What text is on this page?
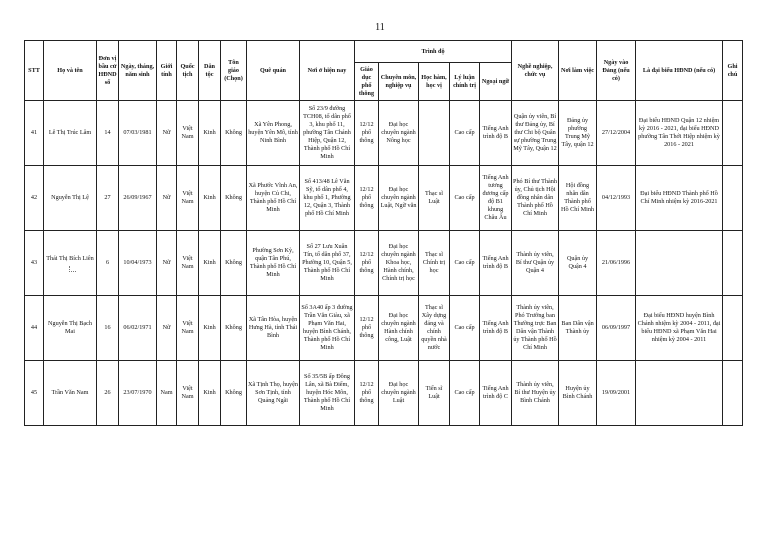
11
STT	Họ và tên	Đơn vị bầu cử HĐND số	Ngày, tháng, năm sinh	Giới tính	Quốc tịch	Dân tộc	Tôn giáo (Chọn)	Quê quán	Nơi ở hiện nay	Trình độ					Nghề nghiệp, chức vụ	Nơi làm việc	Ngày vào Đảng (nếu có)	Là đại biểu HĐND (nếu có)	Ghi chú
										Giáo dục phổ thông	Chuyên môn, nghiệp vụ	Học hàm, học vị	Lý luận chính trị	Ngoại ngữ					
41	Lê Thị Trúc Lâm	14	07/03/1981	Nữ	Việt Nam	Kinh	Không	Xã Yên Phong, huyện Yên Mô, tỉnh Ninh Bình	Số 23/9 đường TCH08, tổ dân phố 3, khu phố 11, phường Tân Chánh Hiệp, Quận 12, Thành phố Hồ Chí Minh	12/12 phổ thông	Đại học chuyên ngành Nông học		Cao cấp	Tiếng Anh trình độ B	Quận ủy viên, Bí thư Đảng ủy, Bí thư Chi bộ Quân sự phường Trung Mỹ Tây, Quận 12	Đảng ủy phường Trung Mỹ Tây, quận 12	27/12/2004	Đại biểu HĐND Quận 12 nhiệm kỳ 2016 - 2021, đại biểu HĐND phường Tân Thới Hiệp nhiệm kỳ 2016 - 2021	
42	Nguyễn Thị Lệ	27	26/09/1967	Nữ	Việt Nam	Kinh	Không	Xã Phước Vĩnh An, huyện Củ Chi, Thành phố Hồ Chí Minh	Số 413/48 Lê Văn Sỹ, tổ dân phố 4, khu phố 1, Phường 12, Quận 3, Thành phố Hồ Chí Minh	12/12 phổ thông	Đại học chuyên ngành Luật, Ngữ văn	Thạc sĩ Luật	Cao cấp	Tiếng Anh tương đương cấp độ B1 khung Châu Âu	Phó Bí thư Thành ủy, Chủ tịch Hội đồng nhân dân Thành phố Hồ Chí Minh	Hội đồng nhân dân Thành phố Hồ Chí Minh	04/12/1993	Đại biểu HĐND Thành phố Hồ Chí Minh nhiệm kỳ 2016-2021	
43	Thái Thị Bích Liên	6	10/04/1973	Nữ	Việt Nam	Kinh	Không	Phường Sơn Kỳ, quận Tân Phú, Thành phố Hồ Chí Minh	Số 27 Lưu Xuân Tín, tổ dân phố 37, Phường 10, Quận 5, Thành phố Hồ Chí Minh	12/12 phổ thông	Đại học chuyên ngành Khoa học, Hành chính, Chính trị học	Thạc sĩ Chính trị học	Cao cấp	Tiếng Anh trình độ B	Thành ủy viên, Bí thư Quận ủy Quận 4	Quận ủy Quận 4	21/06/1996		
44	Nguyễn Thị Bạch Mai	16	06/02/1971	Nữ	Việt Nam	Kinh	Không	Xã Tân Hòa, huyện Hưng Hà, tỉnh Thái Bình	Số 3A40 ấp 3 đường Trần Văn Giàu, xã Phạm Văn Hai, huyện Bình Chánh, Thành phố Hồ Chí Minh	12/12 phổ thông	Đại học chuyên ngành Hành chính công, Luật	Thạc sĩ Xây dựng đảng và chính quyền nhà nước	Cao cấp	Tiếng Anh trình độ B	Thành ủy viên, Phó Trưởng ban Thường trực Ban Dân vận Thành ủy Thành phố Hồ Chí Minh	Ban Dân vận Thành ủy	06/09/1997	Đại biểu HĐND huyện Bình Chánh nhiệm kỳ 2004 - 2011, đại biểu HĐND xã Phạm Văn Hai nhiệm kỳ 2004 - 2011	
45	Trần Văn Nam	26	23/07/1970	Nam	Việt Nam	Kinh	Không	Xã Tịnh Thọ, huyện Sơn Tịnh, tỉnh Quảng Ngãi	Số 35/5B ấp Đông Lân, xã Bà Điểm, huyện Hóc Môn, Thành phố Hồ Chí Minh	12/12 phổ thông	Đại học chuyên ngành Luật	Tiến sĩ Luật	Cao cấp	Tiếng Anh trình độ C	Thành ủy viên, Bí thư Huyện ủy Bình Chánh	Huyện ủy Bình Chánh	19/09/2001		
